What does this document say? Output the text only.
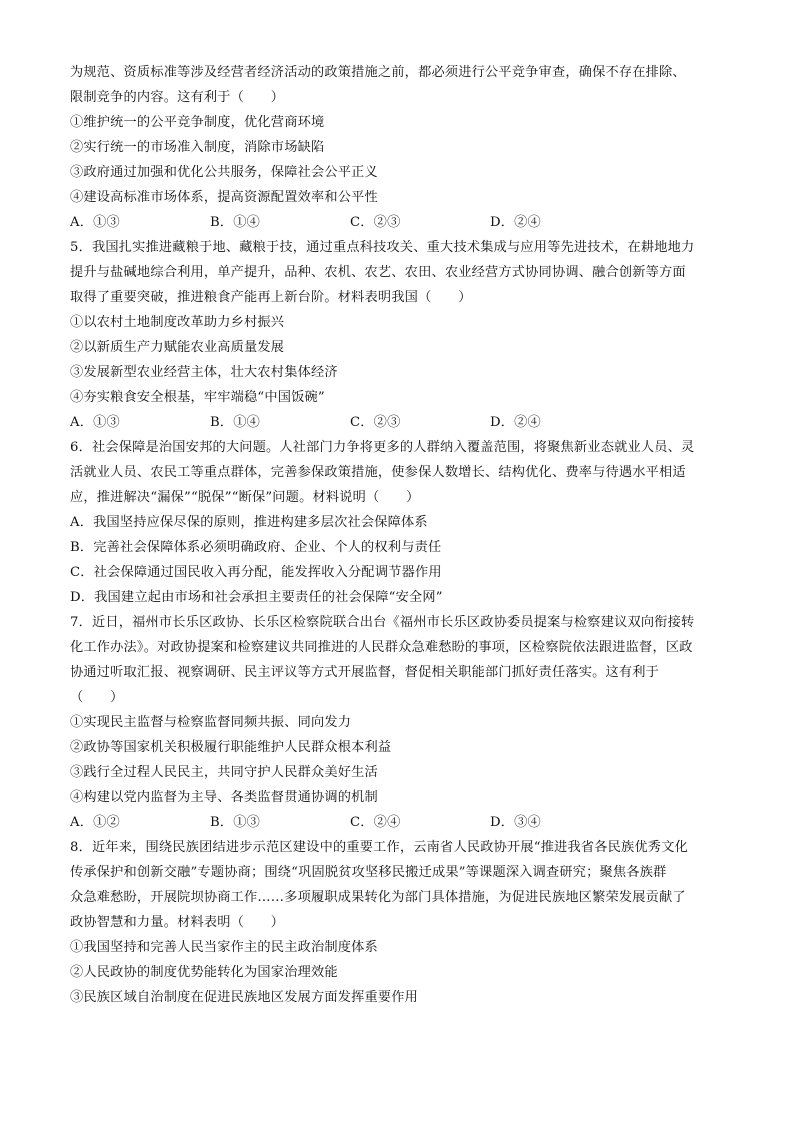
为规范、资质标准等涉及经营者经济活动的政策措施之前，都必须进行公平竞争审查，确保不存在排除、
限制竞争的内容。这有利于（　　）
①维护统一的公平竞争制度，优化营商环境
②实行统一的市场准入制度，消除市场缺陷
③政府通过加强和优化公共服务，保障社会公平正义
④建设高标准市场体系，提高资源配置效率和公平性
A．①③	B．①④	C．②③	D．②④
5．我国扎实推进藏粮于地、藏粮于技，通过重点科技攻关、重大技术集成与应用等先进技术，在耕地地力
提升与盐碱地综合利用，单产提升，品种、农机、农艺、农田、农业经营方式协同协调、融合创新等方面
取得了重要突破，推进粮食产能再上新台阶。材料表明我国（　　）
①以农村土地制度改革助力乡村振兴
②以新质生产力赋能农业高质量发展
③发展新型农业经营主体，壮大农村集体经济
④夯实粮食安全根基，牢牢端稳“中国饭碗”
A．①③	B．①④	C．②③	D．②④
6．社会保障是治国安邦的大问题。人社部门力争将更多的人群纳入覆盖范围，将聚焦新业态就业人员、灵
活就业人员、农民工等重点群体，完善参保政策措施，使参保人数增长、结构优化、费率与待遇水平相适
应，推进解决“漏保”“脱保”“断保”问题。材料说明（　　）
A．我国坚持应保尽保的原则，推进构建多层次社会保障体系
B．完善社会保障体系必须明确政府、企业、个人的权利与责任
C．社会保障通过国民收入再分配，能发挥收入分配调节器作用
D．我国建立起由市场和社会承担主要责任的社会保障“安全网”
7．近日，福州市长乐区政协、长乐区检察院联合出台《福州市长乐区政协委员提案与检察建议双向衔接转
化工作办法》。对政协提案和检察建议共同推进的人民群众急难愁盼的事项，区检察院依法跟进监督，区政
协通过听取汇报、视察调研、民主评议等方式开展监督，督促相关职能部门抓好责任落实。这有利于
（　　）
①实现民主监督与检察监督同频共振、同向发力
②政协等国家机关积极履行职能维护人民群众根本利益
③践行全过程人民民主，共同守护人民群众美好生活
④构建以党内监督为主导、各类监督贯通协调的机制
A．①②	B．①③	C．②④	D．③④
8．近年来，围绕民族团结进步示范区建设中的重要工作，云南省人民政协开展“推进我省各民族优秀文化
传承保护和创新交融”专题协商；围绕“巩固脱贫攻坚移民搬迁成果”等课题深入调查研究；聚焦各族群
众急难愁盼，开展院坝协商工作……多项履职成果转化为部门具体措施，为促进民族地区繁荣发展贡献了
政协智慧和力量。材料表明（　　）
①我国坚持和完善人民当家作主的民主政治制度体系
②人民政协的制度优势能转化为国家治理效能
③民族区域自治制度在促进民族地区发展方面发挥重要作用
